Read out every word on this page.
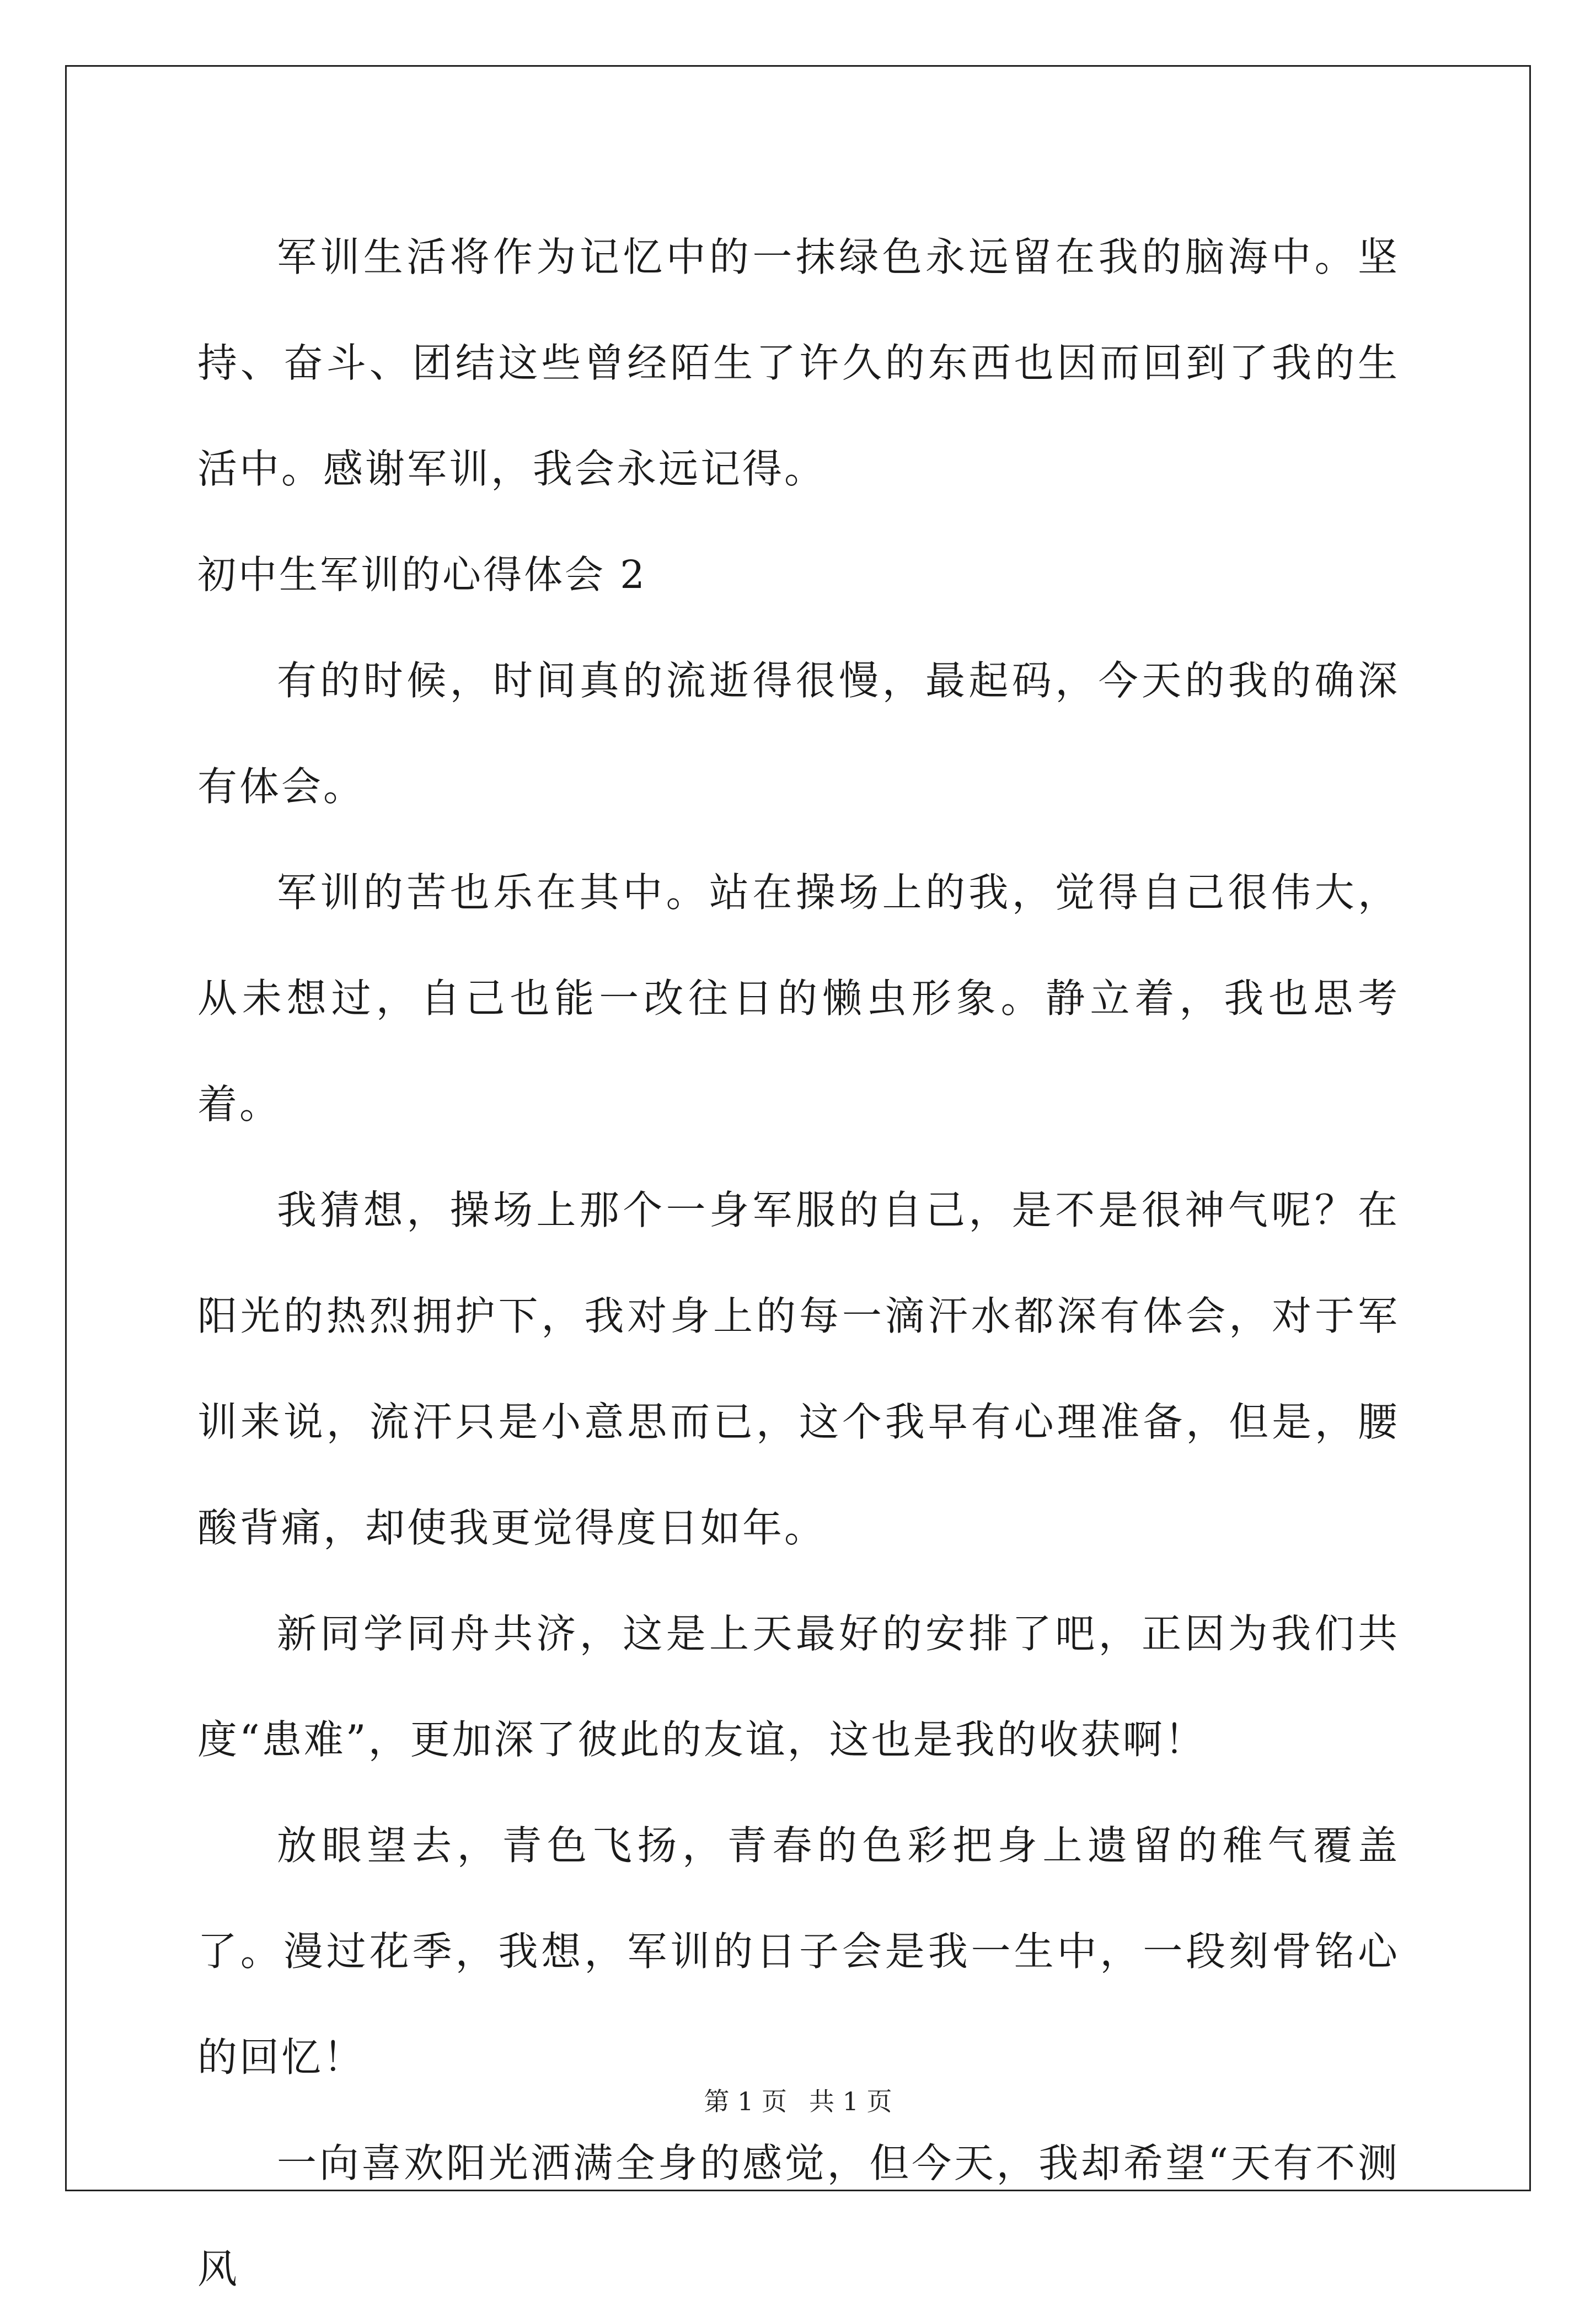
军训生活将作为记忆中的一抹绿色永远留在我的脑海中。坚持、奋斗、团结这些曾经陌生了许久的东西也因而回到了我的生活中。感谢军训，我会永远记得。

初中生军训的心得体会 2

有的时候，时间真的流逝得很慢，最起码，今天的我的确深有体会。

军训的苦也乐在其中。站在操场上的我，觉得自己很伟大，从未想过，自己也能一改往日的懒虫形象。静立着，我也思考着。

我猜想，操场上那个一身军服的自己，是不是很神气呢？在阳光的热烈拥护下，我对身上的每一滴汗水都深有体会，对于军训来说，流汗只是小意思而已，这个我早有心理准备，但是，腰酸背痛，却使我更觉得度日如年。

新同学同舟共济，这是上天最好的安排了吧，正因为我们共度“患难”，更加深了彼此的友谊，这也是我的收获啊！

放眼望去，青色飞扬，青春的色彩把身上遗留的稚气覆盖了。漫过花季，我想，军训的日子会是我一生中，一段刻骨铭心的回忆！

一向喜欢阳光洒满全身的感觉，但今天，我却希望“天有不测风

第 1 页 共 1 页
